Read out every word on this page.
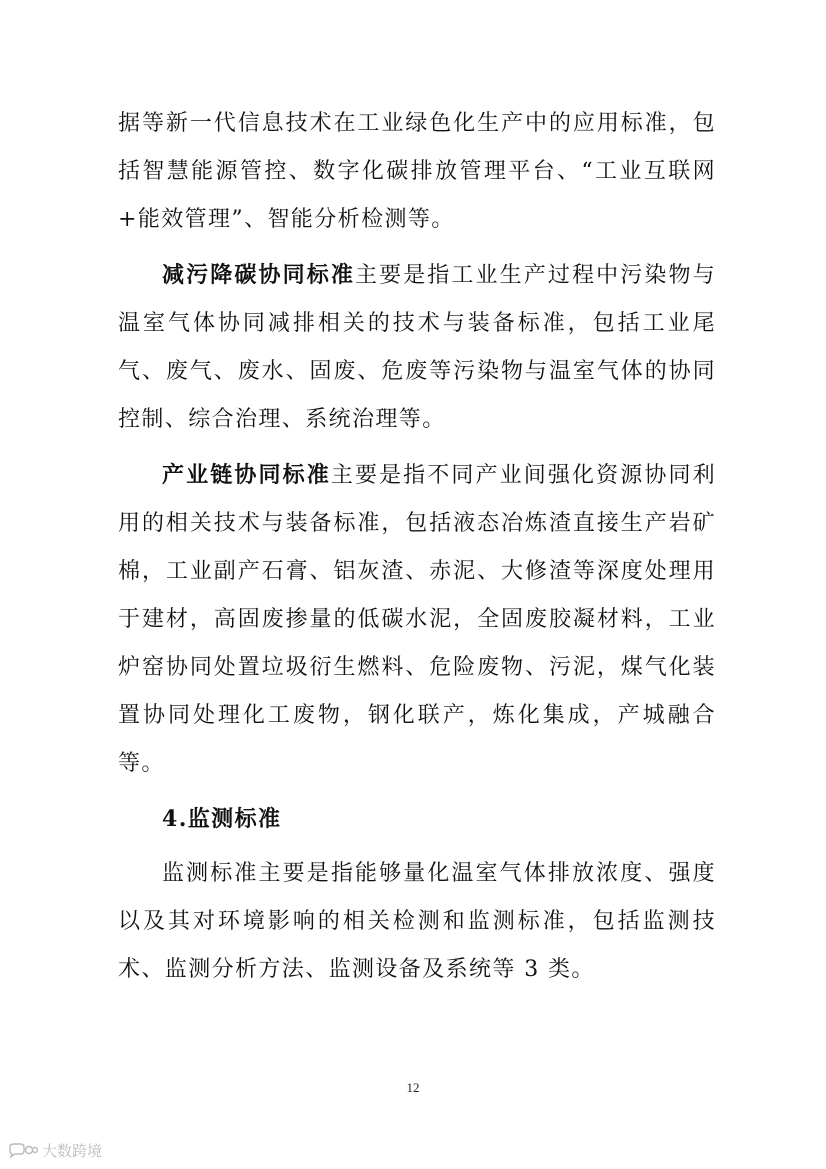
据等新一代信息技术在工业绿色化生产中的应用标准，包括智慧能源管控、数字化碳排放管理平台、“工业互联网+能效管理”、智能分析检测等。

减污降碳协同标准主要是指工业生产过程中污染物与温室气体协同减排相关的技术与装备标准，包括工业尾气、废气、废水、固废、危废等污染物与温室气体的协同控制、综合治理、系统治理等。

产业链协同标准主要是指不同产业间强化资源协同利用的相关技术与装备标准，包括液态冶炼渣直接生产岩矿棉，工业副产石膏、铝灰渣、赤泥、大修渣等深度处理用于建材，高固废掺量的低碳水泥，全固废胶凝材料，工业炉窑协同处置垃圾衍生燃料、危险废物、污泥，煤气化装置协同处理化工废物，钢化联产，炼化集成，产城融合等。

4.监测标准

监测标准主要是指能够量化温室气体排放浓度、强度以及其对环境影响的相关检测和监测标准，包括监测技术、监测分析方法、监测设备及系统等 3 类。

12
大数跨境
